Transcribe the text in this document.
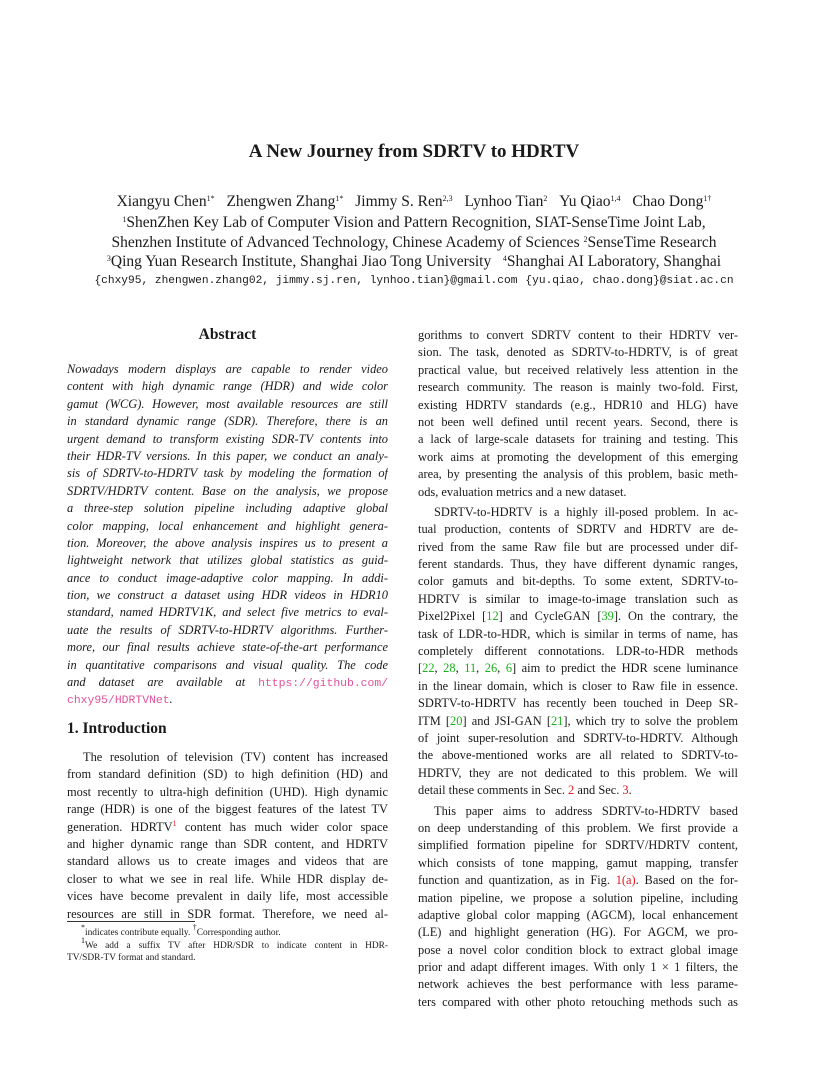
A New Journey from SDRTV to HDRTV
Xiangyu Chen$^{1*}$ Zhengwen Zhang$^{1*}$ Jimmy S. Ren$^{2,3}$ Lynhoo Tian$^2$ Yu Qiao$^{1,4}$ Chao Dong$^{1\dagger}$
$^1$ShenZhen Key Lab of Computer Vision and Pattern Recognition, SIAT-SenseTime Joint Lab,
Shenzhen Institute of Advanced Technology, Chinese Academy of Sciences $^2$SenseTime Research
$^3$Qing Yuan Research Institute, Shanghai Jiao Tong University   $^4$Shanghai AI Laboratory, Shanghai
{chxy95, zhengwen.zhang02, jimmy.sj.ren, lynhoo.tian}@gmail.com {yu.qiao, chao.dong}@siat.ac.cn
Abstract
Nowadays modern displays are capable to render video
content with high dynamic range (HDR) and wide color
gamut (WCG). However, most available resources are still
in standard dynamic range (SDR). Therefore, there is an
urgent demand to transform existing SDR-TV contents into
their HDR-TV versions. In this paper, we conduct an analy-
sis of SDRTV-to-HDRTV task by modeling the formation of
SDRTV/HDRTV content. Base on the analysis, we propose
a three-step solution pipeline including adaptive global
color mapping, local enhancement and highlight genera-
tion. Moreover, the above analysis inspires us to present a
lightweight network that utilizes global statistics as guid-
ance to conduct image-adaptive color mapping. In addi-
tion, we construct a dataset using HDR videos in HDR10
standard, named HDRTV1K, and select five metrics to eval-
uate the results of SDRTV-to-HDRTV algorithms. Further-
more, our final results achieve state-of-the-art performance
in quantitative comparisons and visual quality. The code
and dataset are available at https://github.com/
chxy95/HDRTVNet.
1. Introduction
The resolution of television (TV) content has increased
from standard definition (SD) to high definition (HD) and
most recently to ultra-high definition (UHD). High dynamic
range (HDR) is one of the biggest features of the latest TV
generation. HDRTV$^1$ content has much wider color space
and higher dynamic range than SDR content, and HDRTV
standard allows us to create images and videos that are
closer to what we see in real life. While HDR display de-
vices have become prevalent in daily life, most accessible
resources are still in SDR format. Therefore, we need al-
*indicates contribute equally. †Corresponding author.
$^1$We add a suffix TV after HDR/SDR to indicate content in HDR-
TV/SDR-TV format and standard.
gorithms to convert SDRTV content to their HDRTV ver-
sion. The task, denoted as SDRTV-to-HDRTV, is of great
practical value, but received relatively less attention in the
research community. The reason is mainly two-fold. First,
existing HDRTV standards (e.g., HDR10 and HLG) have
not been well defined until recent years. Second, there is
a lack of large-scale datasets for training and testing. This
work aims at promoting the development of this emerging
area, by presenting the analysis of this problem, basic meth-
ods, evaluation metrics and a new dataset.
SDRTV-to-HDRTV is a highly ill-posed problem. In ac-
tual production, contents of SDRTV and HDRTV are de-
rived from the same Raw file but are processed under dif-
ferent standards. Thus, they have different dynamic ranges,
color gamuts and bit-depths. To some extent, SDRTV-to-
HDRTV is similar to image-to-image translation such as
Pixel2Pixel [12] and CycleGAN [39]. On the contrary, the
task of LDR-to-HDR, which is similar in terms of name, has
completely different connotations. LDR-to-HDR methods
[22, 28, 11, 26, 6] aim to predict the HDR scene luminance
in the linear domain, which is closer to Raw file in essence.
SDRTV-to-HDRTV has recently been touched in Deep SR-
ITM [20] and JSI-GAN [21], which try to solve the problem
of joint super-resolution and SDRTV-to-HDRTV. Although
the above-mentioned works are all related to SDRTV-to-
HDRTV, they are not dedicated to this problem. We will
detail these comments in Sec. 2 and Sec. 3.
This paper aims to address SDRTV-to-HDRTV based
on deep understanding of this problem. We first provide a
simplified formation pipeline for SDRTV/HDRTV content,
which consists of tone mapping, gamut mapping, transfer
function and quantization, as in Fig. 1(a). Based on the for-
mation pipeline, we propose a solution pipeline, including
adaptive global color mapping (AGCM), local enhancement
(LE) and highlight generation (HG). For AGCM, we pro-
pose a novel color condition block to extract global image
prior and adapt different images. With only 1 × 1 filters, the
network achieves the best performance with less parame-
ters compared with other photo retouching methods such as
